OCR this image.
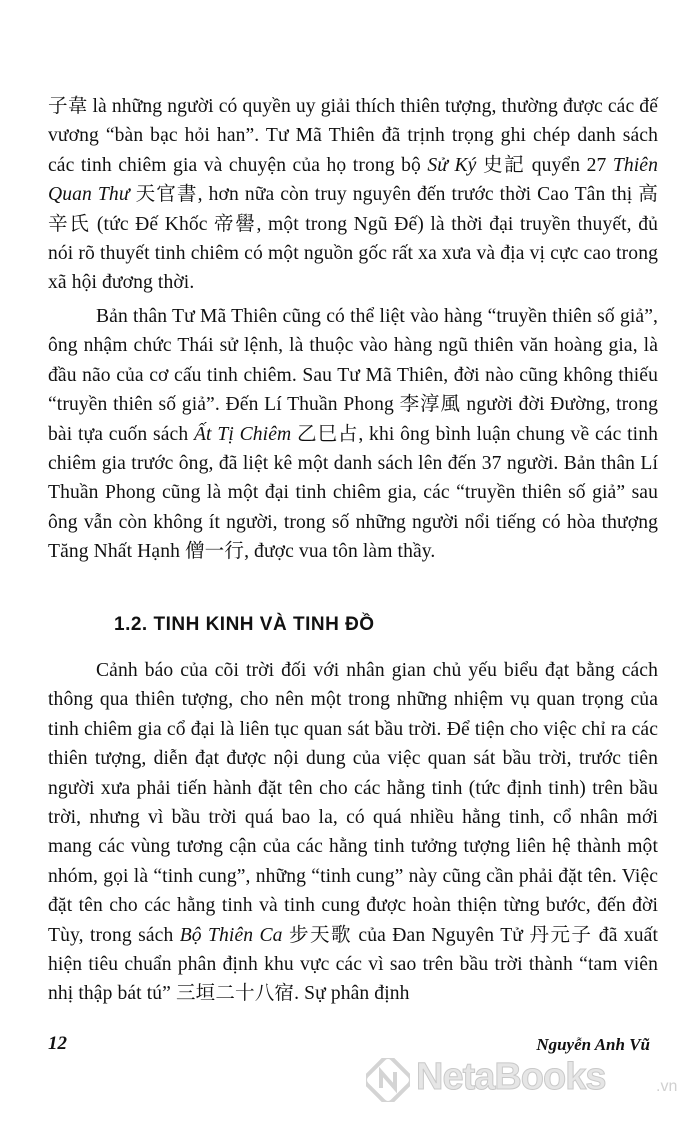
子韋 là những người có quyền uy giải thích thiên tượng, thường được các đế vương “bàn bạc hỏi han”. Tư Mã Thiên đã trịnh trọng ghi chép danh sách các tinh chiêm gia và chuyện của họ trong bộ Sử Ký 史記 quyển 27 Thiên Quan Thư 天官書, hơn nữa còn truy nguyên đến trước thời Cao Tân thị 高辛氏 (tức Đế Khốc 帝嚳, một trong Ngũ Đế) là thời đại truyền thuyết, đủ nói rõ thuyết tinh chiêm có một nguồn gốc rất xa xưa và địa vị cực cao trong xã hội đương thời.

Bản thân Tư Mã Thiên cũng có thể liệt vào hàng “truyền thiên số giả”, ông nhậm chức Thái sử lệnh, là thuộc vào hàng ngũ thiên văn hoàng gia, là đầu não của cơ cấu tinh chiêm. Sau Tư Mã Thiên, đời nào cũng không thiếu “truyền thiên số giả”. Đến Lí Thuần Phong 李淳風 người đời Đường, trong bài tựa cuốn sách Ất Tị Chiêm 乙巳占, khi ông bình luận chung về các tinh chiêm gia trước ông, đã liệt kê một danh sách lên đến 37 người. Bản thân Lí Thuần Phong cũng là một đại tinh chiêm gia, các “truyền thiên số giả” sau ông vẫn còn không ít người, trong số những người nổi tiếng có hòa thượng Tăng Nhất Hạnh 僧一行, được vua tôn làm thầy.

1.2. TINH KINH VÀ TINH ĐỒ

Cảnh báo của cõi trời đối với nhân gian chủ yếu biểu đạt bằng cách thông qua thiên tượng, cho nên một trong những nhiệm vụ quan trọng của tinh chiêm gia cổ đại là liên tục quan sát bầu trời. Để tiện cho việc chỉ ra các thiên tượng, diễn đạt được nội dung của việc quan sát bầu trời, trước tiên người xưa phải tiến hành đặt tên cho các hằng tinh (tức định tinh) trên bầu trời, nhưng vì bầu trời quá bao la, có quá nhiều hằng tinh, cổ nhân mới mang các vùng tương cận của các hằng tinh tưởng tượng liên hệ thành một nhóm, gọi là “tinh cung”, những “tinh cung” này cũng cần phải đặt tên. Việc đặt tên cho các hằng tinh và tinh cung được hoàn thiện từng bước, đến đời Tùy, trong sách Bộ Thiên Ca 步天歌 của Đan Nguyên Tử 丹元子 đã xuất hiện tiêu chuẩn phân định khu vực các vì sao trên bầu trời thành “tam viên nhị thập bát tú” 三垣二十八宿. Sự phân định

12	Nguyễn Anh Vũ
NetaBooks	.vn
